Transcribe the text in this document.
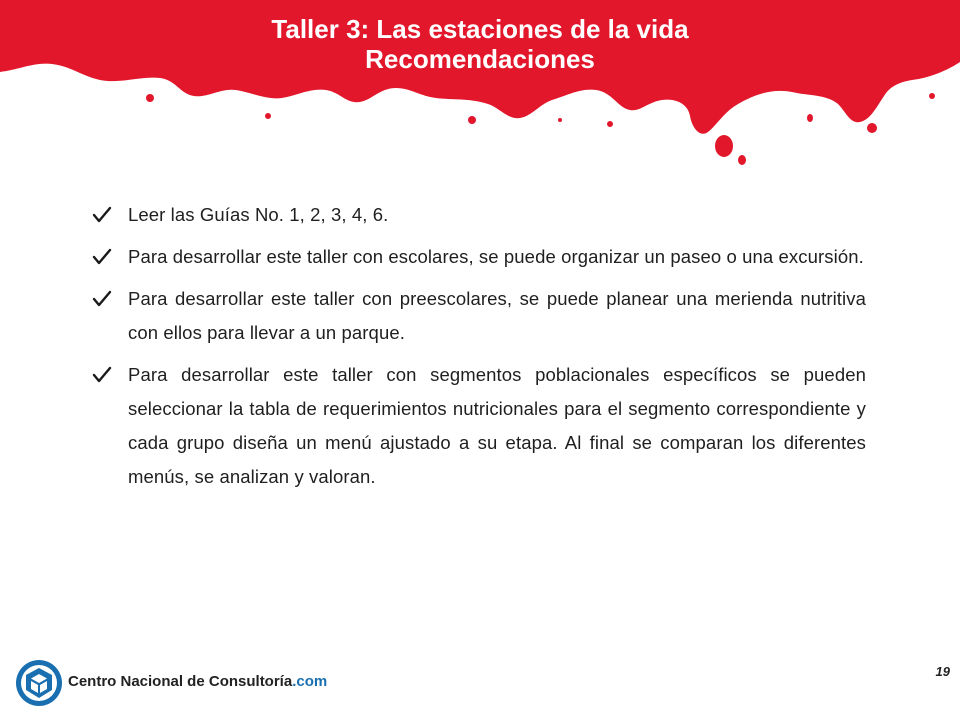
Taller 3: Las estaciones de la vida
Recomendaciones
Leer las Guías No. 1, 2, 3, 4, 6.
Para desarrollar este taller con escolares, se puede organizar un paseo o una excursión.
Para desarrollar este taller con preescolares, se puede planear una merienda nutritiva con ellos para llevar a un parque.
Para desarrollar este taller con segmentos poblacionales específicos se pueden seleccionar la tabla de requerimientos nutricionales para el segmento correspondiente y cada grupo diseña un menú ajustado a su etapa. Al final se comparan los diferentes menús, se analizan y valoran.
Centro Nacional de Consultoría.com
19
